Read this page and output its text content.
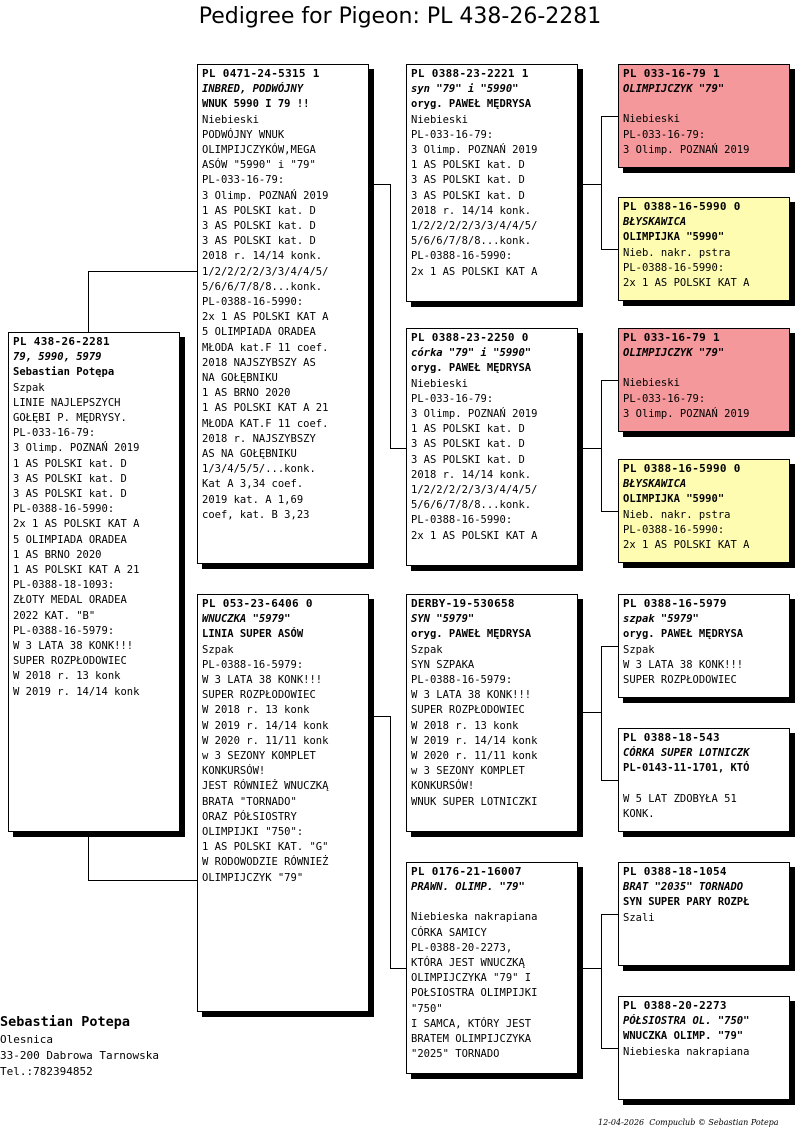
Pedigree for Pigeon: PL 438-26-2281
PL 438-26-2281
79, 5990, 5979
Sebastian Potępa
Szpak
LINIE NAJLEPSZYCH
GOŁĘBI P. MĘDRYSY.
PL-033-16-79:
3 Olimp. POZNAŃ 2019
1 AS POLSKI kat. D
3 AS POLSKI kat. D
3 AS POLSKI kat. D
PL-0388-16-5990:
2x 1 AS POLSKI KAT A
5 OLIMPIADA ORADEA
1 AS BRNO 2020
1 AS POLSKI KAT A 21
PL-0388-18-1093:
ZŁOTY MEDAL ORADEA
2022 KAT. "B"
PL-0388-16-5979:
W 3 LATA 38 KONK!!!
SUPER ROZPŁODOWIEC
W 2018 r. 13 konk
W 2019 r. 14/14 konk
PL 0471-24-5315 1
INBRED, PODWÓJNY
WNUK 5990 I 79 !!
Niebieski
PODWÓJNY WNUK
OLIMPIJCZYKÓW,MEGA
ASÓW "5990" i "79"
PL-033-16-79:
3 Olimp. POZNAŃ 2019
1 AS POLSKI kat. D
3 AS POLSKI kat. D
3 AS POLSKI kat. D
2018 r. 14/14 konk.
1/2/2/2/2/3/3/4/4/5/
5/6/6/7/8/8...konk.
PL-0388-16-5990:
2x 1 AS POLSKI KAT A
5 OLIMPIADA ORADEA
MŁODA kat.F 11 coef.
2018 NAJSZYBSZY AS
NA GOŁĘBNIKU
1 AS BRNO 2020
1 AS POLSKI KAT A 21
MŁODA KAT.F 11 coef.
2018 r. NAJSZYBSZY
AS NA GOŁĘBNIKU
1/3/4/5/5/...konk.
Kat A 3,34 coef.
2019 kat. A 1,69
coef, kat. B 3,23
PL 053-23-6406 0
WNUCZKA "5979"
LINIA SUPER ASÓW
Szpak
PL-0388-16-5979:
W 3 LATA 38 KONK!!!
SUPER ROZPŁODOWIEC
W 2018 r. 13 konk
W 2019 r. 14/14 konk
W 2020 r. 11/11 konk
w 3 SEZONY KOMPLET
KONKURSÓW!
JEST RÓWNIEŻ WNUCZKĄ
BRATA "TORNADO"
ORAZ PÓŁSIOSTRY
OLIMPIJKI "750":
1 AS POLSKI KAT. "G"
W RODOWODZIE RÓWNIEŻ
OLIMPIJCZYK "79"
PL 0388-23-2221 1
syn "79" i "5990"
oryg. PAWEŁ MĘDRYSA
Niebieski
PL-033-16-79:
3 Olimp. POZNAŃ 2019
1 AS POLSKI kat. D
3 AS POLSKI kat. D
3 AS POLSKI kat. D
2018 r. 14/14 konk.
1/2/2/2/2/3/3/4/4/5/
5/6/6/7/8/8...konk.
PL-0388-16-5990:
2x 1 AS POLSKI KAT A
PL 0388-23-2250 0
córka "79" i "5990"
oryg. PAWEŁ MĘDRYSA
Niebieski
PL-033-16-79:
3 Olimp. POZNAŃ 2019
1 AS POLSKI kat. D
3 AS POLSKI kat. D
3 AS POLSKI kat. D
2018 r. 14/14 konk.
1/2/2/2/2/3/3/4/4/5/
5/6/6/7/8/8...konk.
PL-0388-16-5990:
2x 1 AS POLSKI KAT A
DERBY-19-530658
SYN "5979"
oryg. PAWEŁ MĘDRYSA
Szpak
SYN SZPAKA
PL-0388-16-5979:
W 3 LATA 38 KONK!!!
SUPER ROZPŁODOWIEC
W 2018 r. 13 konk
W 2019 r. 14/14 konk
W 2020 r. 11/11 konk
w 3 SEZONY KOMPLET
KONKURSÓW!
WNUK SUPER LOTNICZKI
PL 0176-21-16007
PRAWN. OLIMP. "79"
Niebieska nakrapiana
CÓRKA SAMICY
PL-0388-20-2273,
KTÓRA JEST WNUCZKĄ
OLIMPIJCZYKA "79" I
POŁSIOSTRA OLIMPIJKI
"750"
I SAMCA, KTÓRY JEST
BRATEM OLIMPIJCZYKA
"2025" TORNADO
PL 033-16-79 1
OLIMPIJCZYK "79"
Niebieski
PL-033-16-79:
3 Olimp. POZNAŃ 2019
PL 0388-16-5990 0
BŁYSKAWICA
OLIMPIJKA "5990"
Nieb. nakr. pstra
PL-0388-16-5990:
2x 1 AS POLSKI KAT A
PL 033-16-79 1
OLIMPIJCZYK "79"
Niebieski
PL-033-16-79:
3 Olimp. POZNAŃ 2019
PL 0388-16-5990 0
BŁYSKAWICA
OLIMPIJKA "5990"
Nieb. nakr. pstra
PL-0388-16-5990:
2x 1 AS POLSKI KAT A
PL 0388-16-5979
szpak "5979"
oryg. PAWEŁ MĘDRYSA
Szpak
W 3 LATA 38 KONK!!!
SUPER ROZPŁODOWIEC
PL 0388-18-543
CÓRKA SUPER LOTNICZK
PL-0143-11-1701, KTÓ
W 5 LAT ZDOBYŁA 51
KONK.
PL 0388-18-1054
BRAT "2035" TORNADO
SYN SUPER PARY ROZPŁ
Szali
PL 0388-20-2273
PÓŁSIOSTRA OL. "750"
WNUCZKA OLIMP. "79"
Niebieska nakrapiana
Sebastian Potepa
Olesnica
33-200 Dabrowa Tarnowska
Tel.:782394852
12-04-2026  Compuclub © Sebastian Potepa
